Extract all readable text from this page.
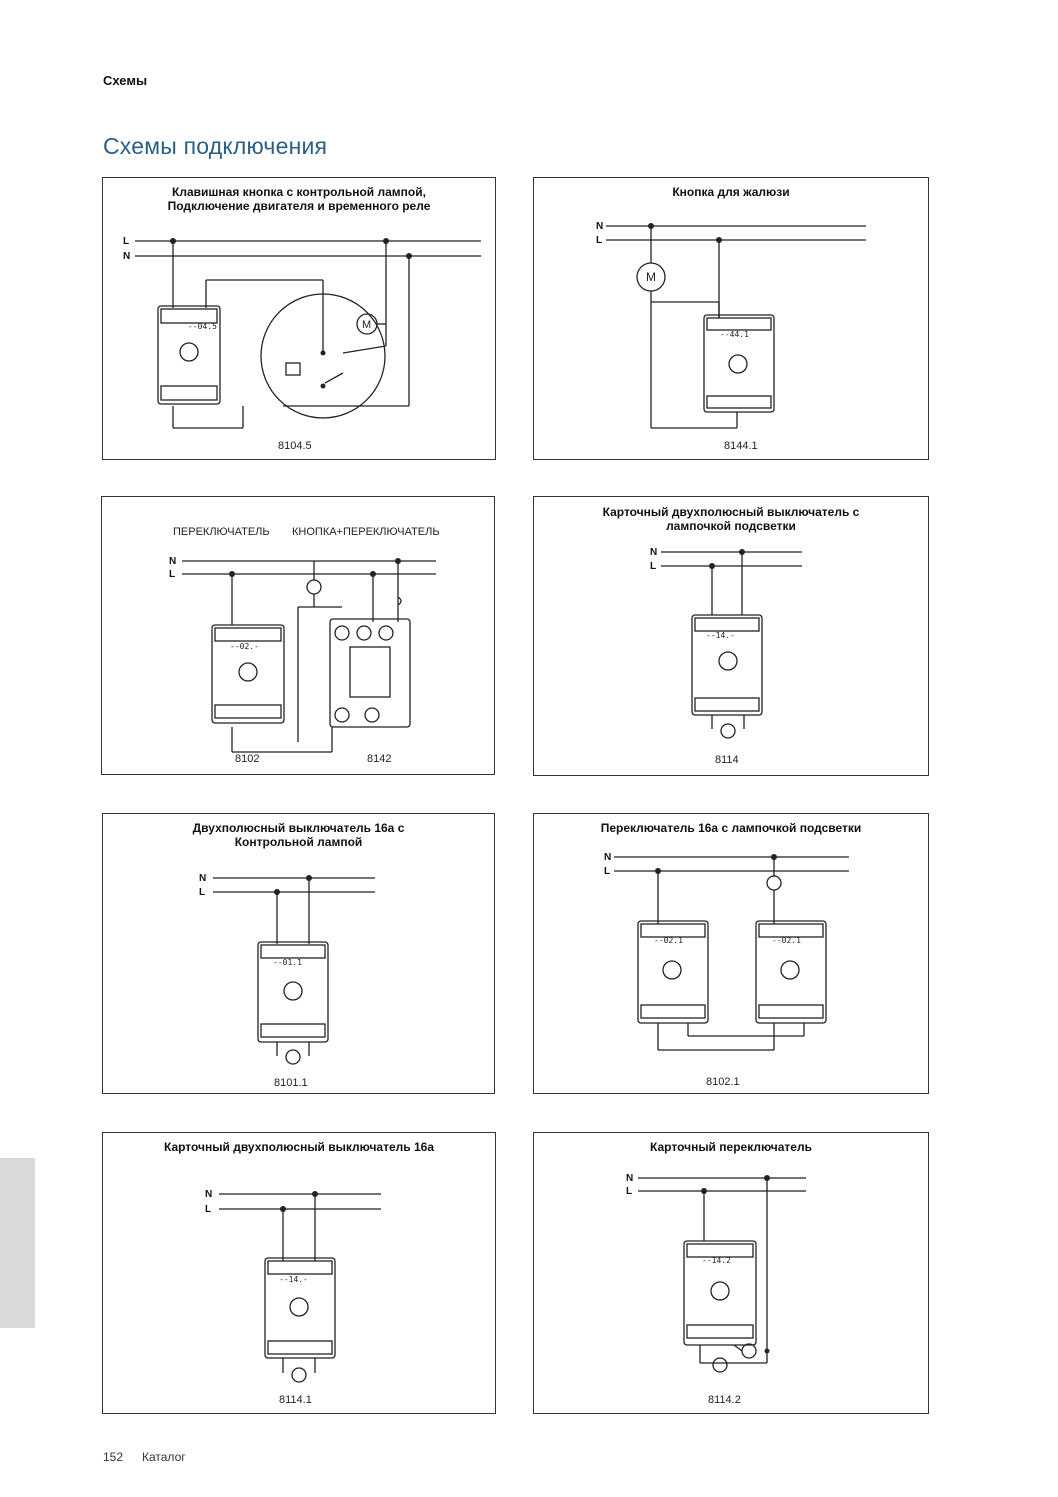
Схемы
Схемы подключения
Клавишная кнопка с контрольной лампой,
Подключение двигателя и временного реле
--04.5	M
L
N
8104.5
Кнопка для жалюзи
M
--44.1
N
L
8144.1
ПЕРЕКЛЮЧАТЕЛЬ КНОПКА+ПЕРЕКЛЮЧАТЕЛЬ
--02.-
N
L
8102	8142
Карточный двухполюсный выключатель с
лампочкой подсветки
--14.-
N
L
8114
Двухполюсный выключатель 16а с
Контрольной лампой
--01.1
N
L
8101.1
Переключатель 16а с лампочкой подсветки
--02.1	--02.1
N
L
8102.1
Карточный двухполюсный выключатель 16а
--14.-
N
L
8114.1
Карточный переключатель
--14.2
N
L
8114.2
152 Каталог
